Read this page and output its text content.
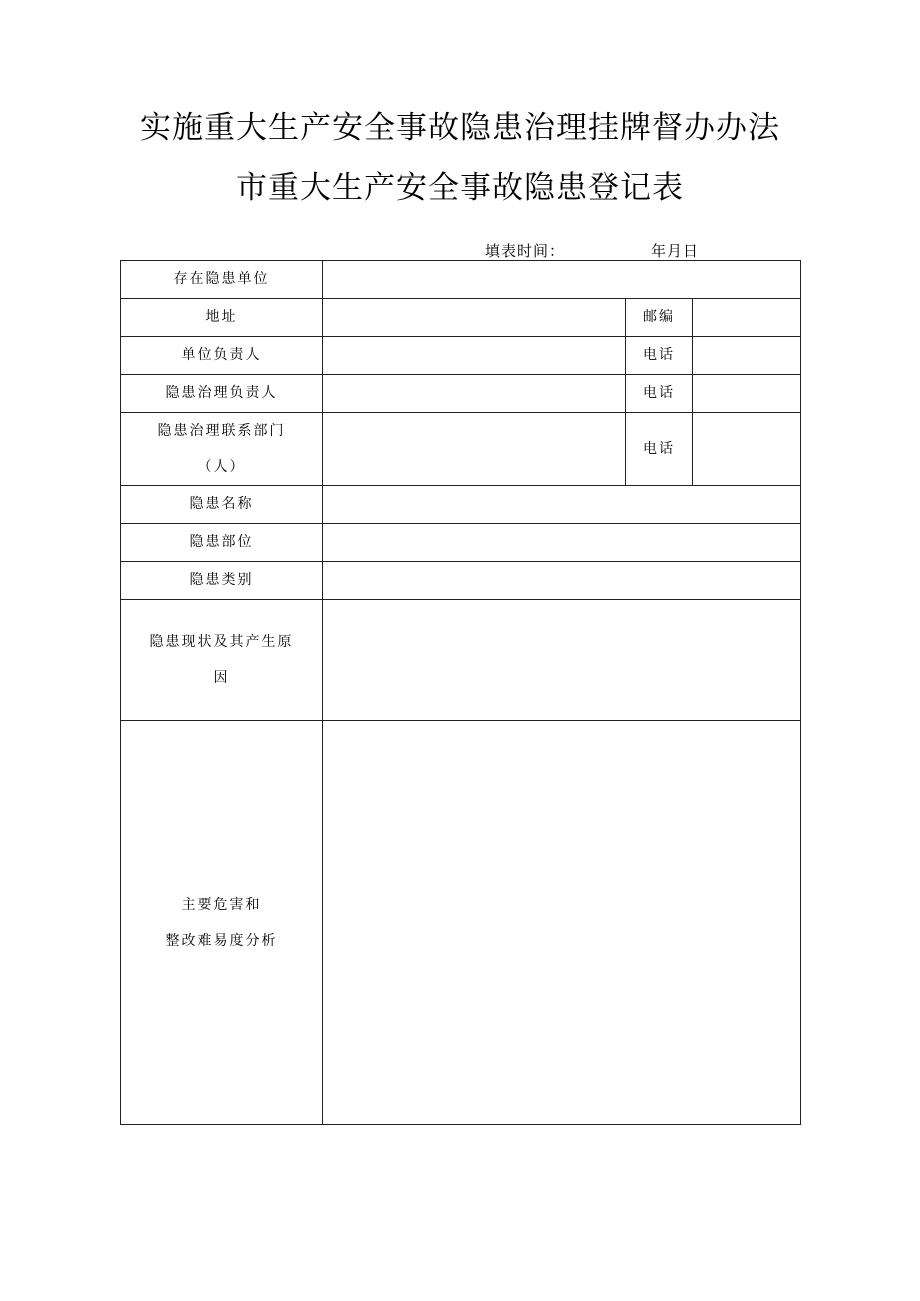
实施重大生产安全事故隐患治理挂牌督办办法
市重大生产安全事故隐患登记表
填表时间：	年月日
存在隐患单位			
地址		邮编	
单位负责人		电话	
隐患治理负责人		电话	

隐患治理联系部门
（人）		电话	
隐患名称			
隐患部位			
隐患类别			

隐患现状及其产生原
因			

主要危害和
整改难易度分析			
